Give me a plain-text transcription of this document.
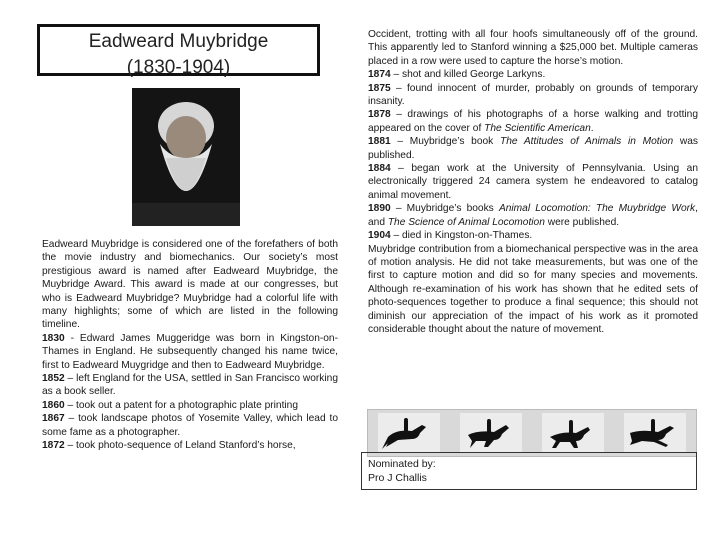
Eadweard Muybridge
(1830-1904)
Eadweard Muybridge is considered one of the forefathers of both the movie industry and biomechanics. Our society’s most prestigious award is named after Eadweard Muybridge, the Muybridge Award. This award is made at our congresses, but who is Eadweard Muybridge? Muybridge had a colorful life with many highlights; some of which are listed in the following timeline.
1830 - Edward James Muggeridge was born in Kingston-on-Thames in England. He subsequently changed his name twice, first to Eadweard Muygridge and then to Eadweard Muybridge.
1852 – left England for the USA, settled in San Francisco working as a book seller.
1860 – took out a patent for a photographic plate printing
1867 – took landscape photos of Yosemite Valley, which lead to some fame as a photographer.
1872 – took photo-sequence of Leland Stanford’s horse,
Occident, trotting with all four hoofs simultaneously off of the ground. This apparently led to Stanford winning a $25,000 bet. Multiple cameras placed in a row were used to capture the horse’s motion.
1874 – shot and killed George Larkyns.
1875 – found innocent of murder, probably on grounds of temporary insanity.
1878 – drawings of his photographs of a horse walking and trotting appeared on the cover of The Scientific American.
1881 – Muybridge’s book The Attitudes of Animals in Motion was published.
1884 – began work at the University of Pennsylvania. Using an electronically triggered 24 camera system he endeavored to catalog animal movement.
1890 – Muybridge’s books Animal Locomotion: The Muybridge Work, and The Science of Animal Locomotion were published.
1904 – died in Kingston-on-Thames.
Muybridge contribution from a biomechanical perspective was in the area of motion analysis. He did not take measurements, but was one of the first to capture motion and did so for many species and movements. Although re-examination of his work has shown that he edited sets of photo-sequences together to produce a final sequence; this should not diminish our appreciation of the impact of his work as it promoted considerable thought about the nature of movement.
Nominated by:
Pro J Challis
